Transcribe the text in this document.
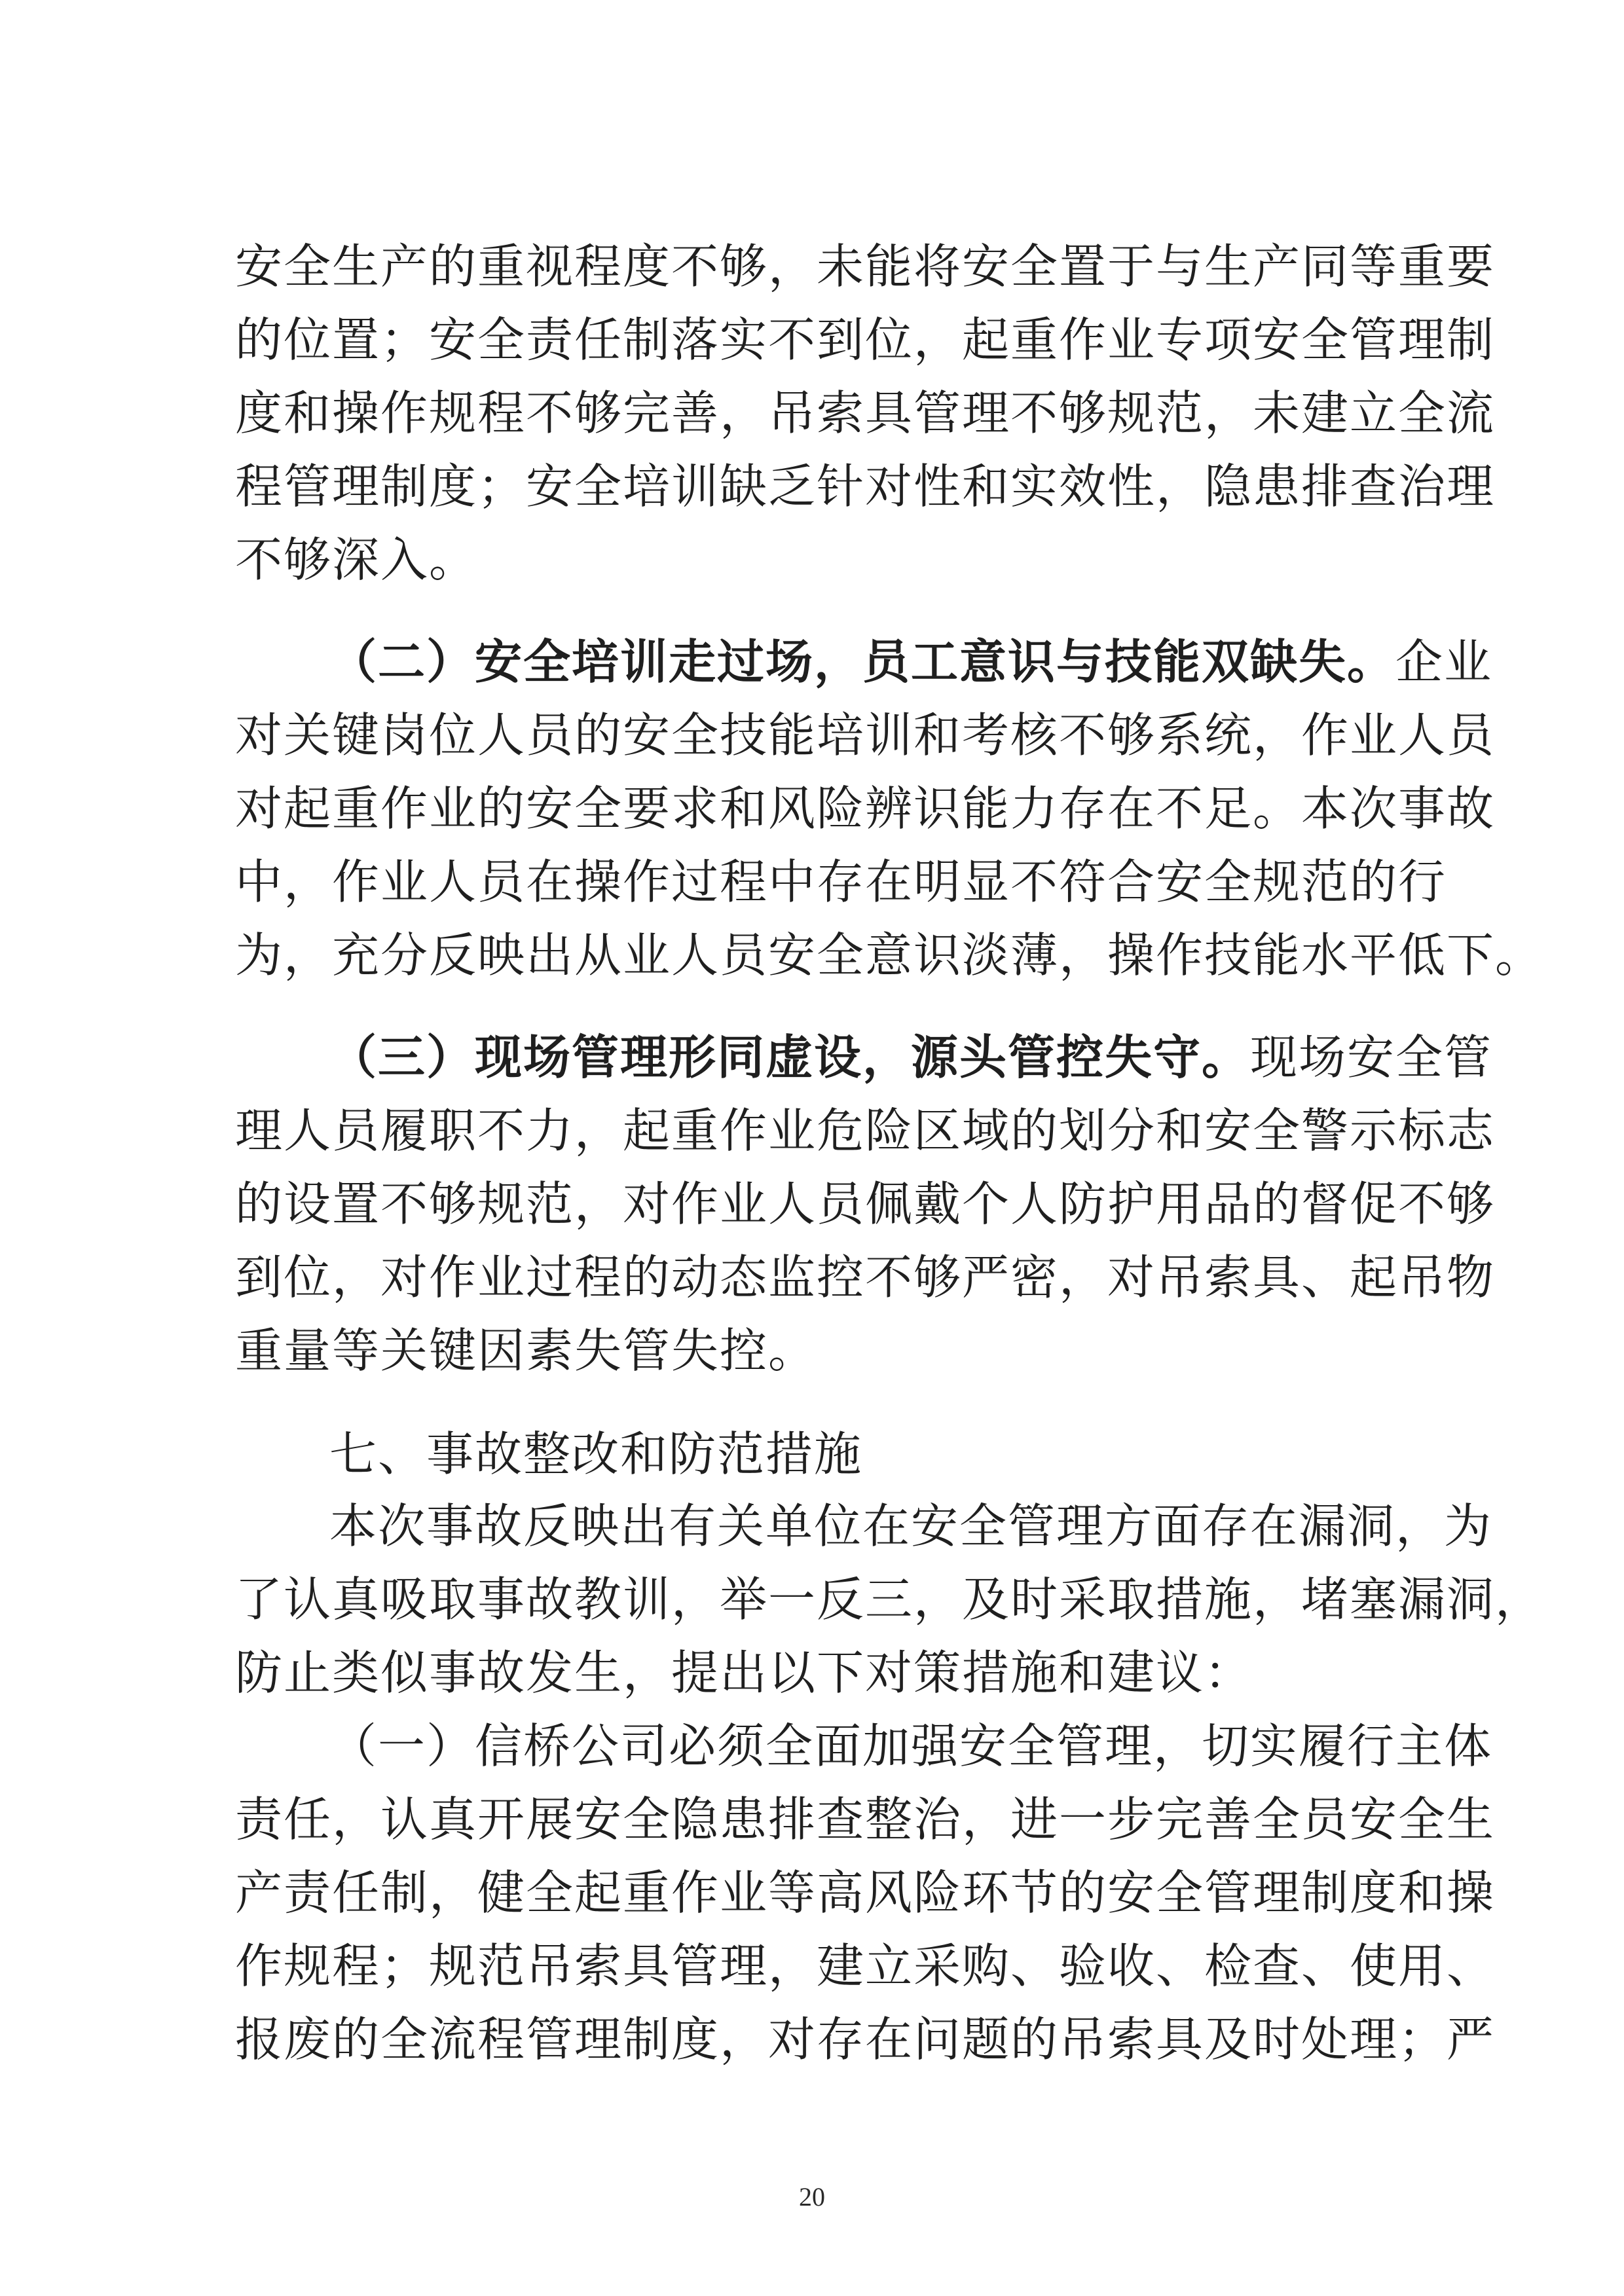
安全生产的重视程度不够，未能将安全置于与生产同等重要
的位置；安全责任制落实不到位，起重作业专项安全管理制
度和操作规程不够完善，吊索具管理不够规范，未建立全流
程管理制度；安全培训缺乏针对性和实效性，隐患排查治理
不够深入。
（二）安全培训走过场，员工意识与技能双缺失。企业
对关键岗位人员的安全技能培训和考核不够系统，作业人员
对起重作业的安全要求和风险辨识能力存在不足。本次事故
中，作业人员在操作过程中存在明显不符合安全规范的行
为，充分反映出从业人员安全意识淡薄，操作技能水平低下。
（三）现场管理形同虚设，源头管控失守。现场安全管
理人员履职不力，起重作业危险区域的划分和安全警示标志
的设置不够规范，对作业人员佩戴个人防护用品的督促不够
到位，对作业过程的动态监控不够严密，对吊索具、起吊物
重量等关键因素失管失控。
七、事故整改和防范措施
本次事故反映出有关单位在安全管理方面存在漏洞，为
了认真吸取事故教训，举一反三，及时采取措施，堵塞漏洞，
防止类似事故发生，提出以下对策措施和建议：
（一）信桥公司必须全面加强安全管理，切实履行主体
责任，认真开展安全隐患排查整治，进一步完善全员安全生
产责任制，健全起重作业等高风险环节的安全管理制度和操
作规程；规范吊索具管理，建立采购、验收、检查、使用、
报废的全流程管理制度，对存在问题的吊索具及时处理；严
20
